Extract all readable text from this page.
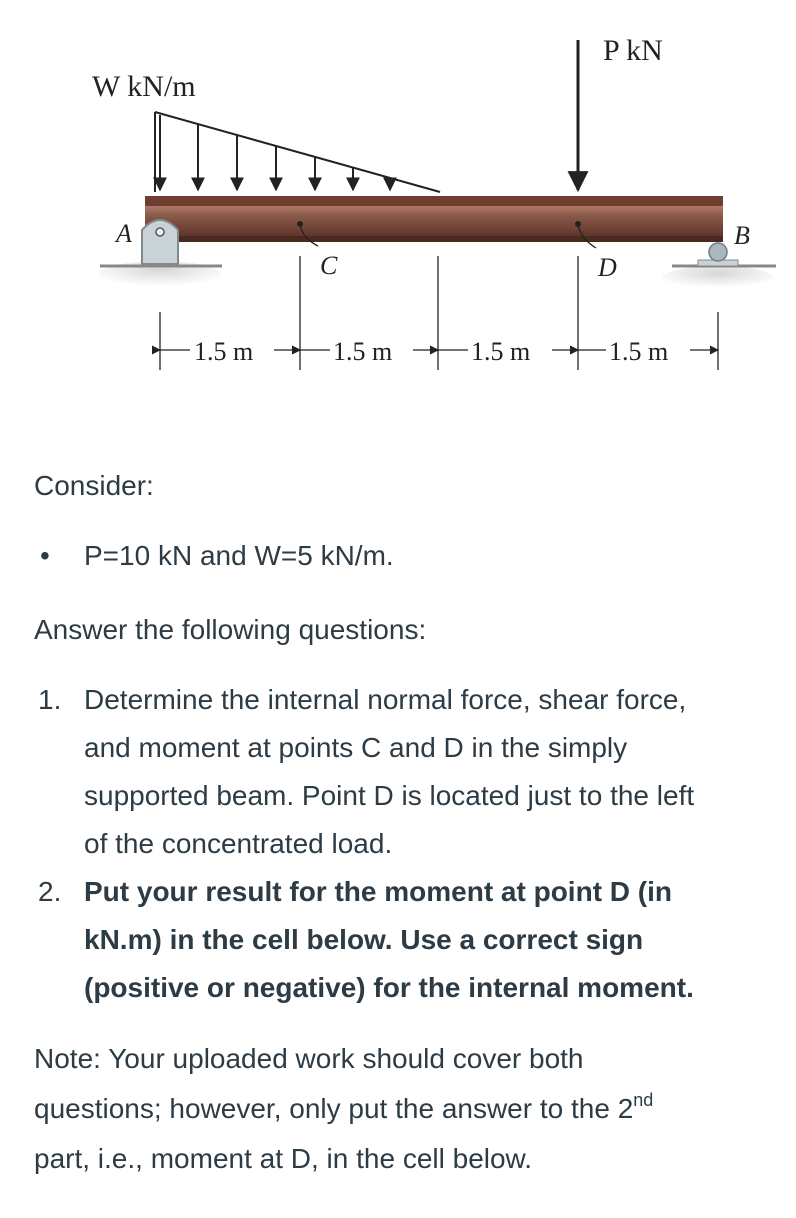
W kN/m
P kN
A	B
C	D
1.5 m	1.5 m	1.5 m	1.5 m

Consider:

• P=10 kN and W=5 kN/m.

Answer the following questions:

1. Determine the internal normal force, shear force,
and moment at points C and D in the simply
supported beam. Point D is located just to the left
of the concentrated load.
2. Put your result for the moment at point D (in
kN.m) in the cell below. Use a correct sign
(positive or negative) for the internal moment.
Note: Your uploaded work should cover both
questions; however, only put the answer to the 2nd
part, i.e., moment at D, in the cell below.
